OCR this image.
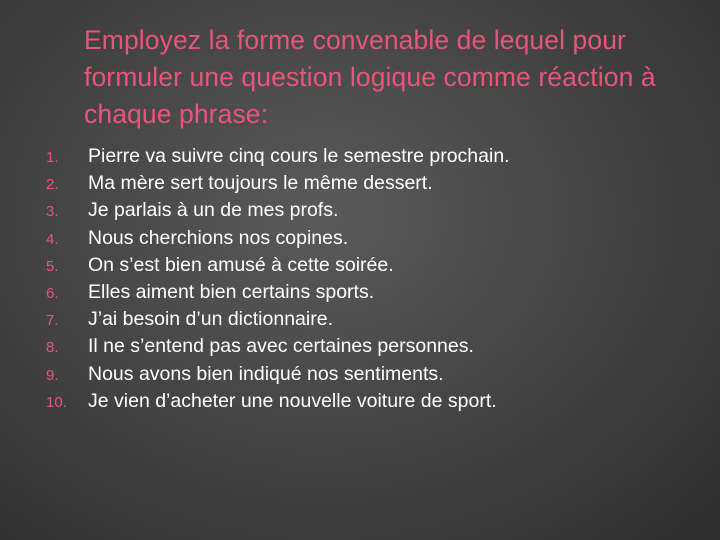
Employez la forme convenable de lequel pour formuler une question logique comme réaction à chaque phrase:
1.	Pierre va suivre cinq cours le semestre prochain.
2.	Ma mère sert toujours le même dessert.
3.	Je parlais à un de mes profs.
4.	Nous cherchions nos copines.
5.	On s’est bien amusé à cette soirée.
6.	Elles aiment bien certains sports.
7.	J’ai besoin d’un dictionnaire.
8.	Il ne s’entend pas avec certaines personnes.
9.	Nous avons bien indiqué nos sentiments.
10.	Je vien d’acheter une nouvelle voiture de sport.
